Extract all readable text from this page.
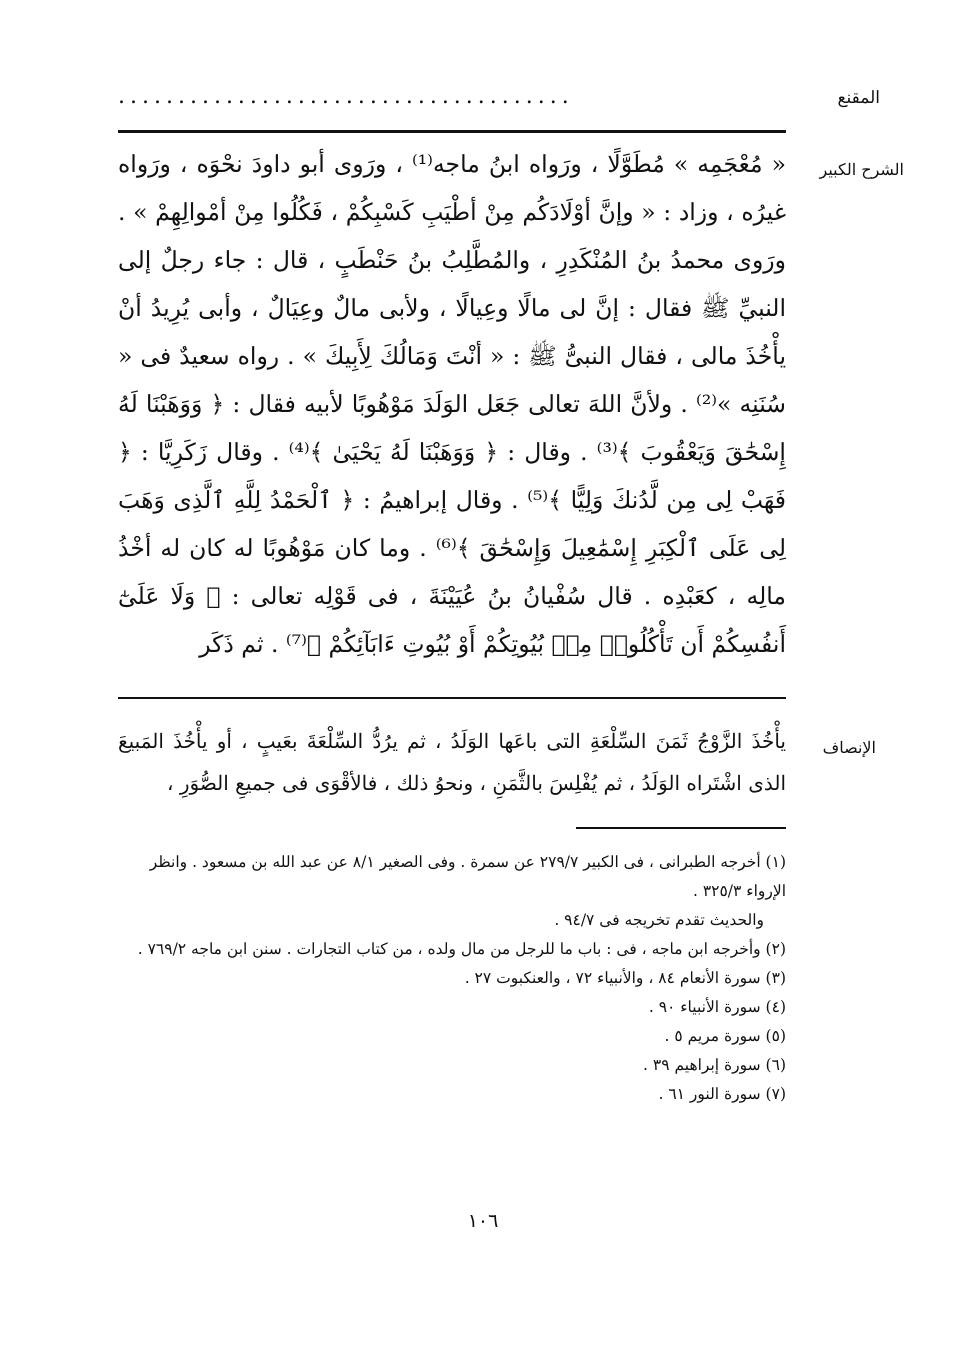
المقنع
......................................
الشرح الكبير
الإنصاف

« مُعْجَمِه » مُطَوَّلًا ، ورَواه ابنُ ماجه⁽¹⁾ ، ورَوى أبو داودَ نحْوَه ، ورَواه غيرُه ، وزاد : « وإنَّ أوْلَادَكُم مِنْ أطْيَبِ كَسْبِكُمْ ، فَكُلُوا مِنْ أمْوالِهِمْ » . ورَوى محمدُ بنُ المُنْكَدِرِ ، والمُطَّلِبُ بنُ حَنْطَبٍ ، قال : جاء رجلٌ إلى النبيِّ ﷺ فقال : إنَّ لى مالًا وعِيالًا ، ولأبى مالٌ وعِيَالٌ ، وأبى يُرِيدُ أنْ يأْخُذَ مالى ، فقال النبىُّ ﷺ : « أنْتَ وَمَالُكَ لِأَبِيكَ » . رواه سعيدٌ فى « سُنَنِه »⁽²⁾ . ولأنَّ اللهَ تعالى جَعَل الوَلَدَ مَوْهُوبًا لأبيه فقال : ﴿ وَوَهَبْنَا لَهُ إِسْحَٰقَ وَيَعْقُوبَ ﴾⁽³⁾ . وقال : ﴿ وَوَهَبْنَا لَهُ يَحْيَىٰ ﴾⁽⁴⁾ . وقال زَكَرِيَّا : ﴿ فَهَبْ لِى مِن لَّدُنكَ وَلِيًّا ﴾⁽⁵⁾ . وقال إبراهيمُ : ﴿ ٱلْحَمْدُ لِلَّهِ ٱلَّذِى وَهَبَ لِى عَلَى ٱلْكِبَرِ إِسْمَٰعِيلَ وَإِسْحَٰقَ ﴾⁽⁶⁾ . وما كان مَوْهُوبًا له كان له أخْذُ مالِه ، كعَبْدِه . قال سُفْيانُ بنُ عُيَيْنَةَ ، فى قَوْلِه تعالى : ﴿ وَلَا عَلَىٰٓ أَنفُسِكُمْ أَن تَأْكُلُوا۟ مِنۢ بُيُوتِكُمْ أَوْ بُيُوتِ ءَابَآئِكُمْ ﴾⁽⁷⁾ . ثم ذَكَر

يأْخُذَ الزَّوْجُ ثَمَنَ السِّلْعَةِ التى باعَها الوَلَدُ ، ثم يرُدُّ السِّلْعَةَ بعَيبٍ ، أو يأْخُذَ المَبيعَ الذى اشْتَراه الوَلَدُ ، ثم يُفْلِسَ بالثَّمَنِ ، ونحوُ ذلك ، فالأقْوَى فى جميعِ الصُّوَرِ ،

(١) أخرجه الطبرانى ، فى الكبير ٢٧٩/٧ عن سمرة . وفى الصغير ٨/١ عن عبد الله بن مسعود . وانظر الإرواء ٣٢٥/٣ .

والحديث تقدم تخريجه فى ٩٤/٧ .

(٢) وأخرجه ابن ماجه ، فى : باب ما للرجل من مال ولده ، من كتاب التجارات . سنن ابن ماجه ٧٦٩/٢ .

(٣) سورة الأنعام ٨٤ ، والأنبياء ٧٢ ، والعنكبوت ٢٧ .

(٤) سورة الأنبياء ٩٠ .

(٥) سورة مريم ٥ .

(٦) سورة إبراهيم ٣٩ .

(٧) سورة النور ٦١ .

١٠٦
